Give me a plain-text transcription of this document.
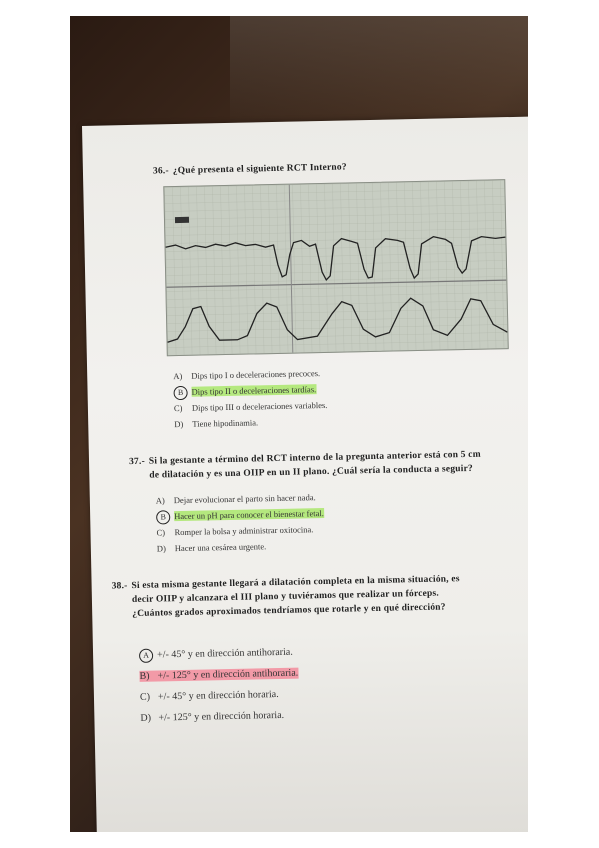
36.- ¿Qué presenta el siguiente RCT Interno?
A) Dips tipo I o deceleraciones precoces.
B Dips tipo II o deceleraciones tardías.
C) Dips tipo III o deceleraciones variables.
D) Tiene hipodinamia.
37.- Si la gestante a término del RCT interno de la pregunta anterior está con 5 cm
de dilatación y es una OIIP en un II plano. ¿Cuál sería la conducta a seguir?
A) Dejar evolucionar el parto sin hacer nada.
B Hacer un pH para conocer el bienestar fetal.
C) Romper la bolsa y administrar oxitocina.
D) Hacer una cesárea urgente.
38.- Si esta misma gestante llegará a dilatación completa en la misma situación, es
decir OIIP y alcanzara el III plano y tuviéramos que realizar un fórceps.
¿Cuántos grados aproximados tendríamos que rotarle y en qué dirección?
A +/- 45° y en dirección antihoraria.
B) +/- 125° y en dirección antihoraria.
C) +/- 45° y en dirección horaria.
D) +/- 125° y en dirección horaria.
